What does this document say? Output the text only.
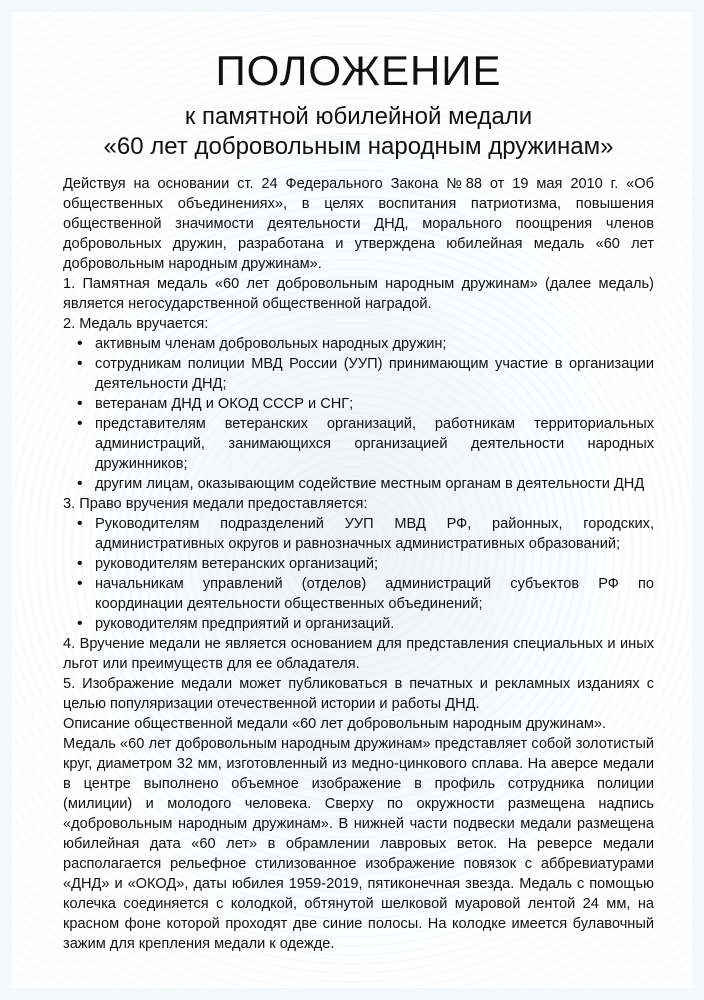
ПОЛОЖЕНИЕ

к памятной юбилейной медали

«60 лет добровольным народным дружинам»

Действуя на основании ст. 24 Федерального Закона №88 от 19 мая 2010 г. «Об общественных объединениях», в целях воспитания патриотизма, повышения общественной значимости деятельности ДНД, морального поощрения членов добровольных дружин, разработана и утверждена юбилейная медаль «60 лет добровольным народным дружинам».

1. Памятная медаль «60 лет добровольным народным дружинам» (далее медаль) является негосударственной общественной наградой.

2. Медаль вручается:

• активным членам добровольных народных дружин;
• сотрудникам полиции МВД России (УУП) принимающим участие в организации деятельности ДНД;
• ветеранам ДНД и ОКОД СССР и СНГ;
• представителям ветеранских организаций, работникам территориальных администраций, занимающихся организацией деятельности народных дружинников;
• другим лицам, оказывающим содействие местным органам в деятельности ДНД

3. Право вручения медали предоставляется:

• Руководителям подразделений УУП МВД РФ, районных, городских, административных округов и равнозначных административных образований;
• руководителям ветеранских организаций;
• начальникам управлений (отделов) администраций субъектов РФ по координации деятельности общественных объединений;
• руководителям предприятий и организаций.

4. Вручение медали не является основанием для представления специальных и иных льгот или преимуществ для ее обладателя.

5. Изображение медали может публиковаться в печатных и рекламных изданиях с целью популяризации отечественной истории и работы ДНД.

Описание общественной медали «60 лет добровольным народным дружинам».

Медаль «60 лет добровольным народным дружинам» представляет собой золотистый круг, диаметром 32 мм, изготовленный из медно-цинкового сплава. На аверсе медали в центре выполнено объемное изображение в профиль сотрудника полиции (милиции) и молодого человека. Сверху по окружности размещена надпись «добровольным народным дружинам». В нижней части подвески медали размещена юбилейная дата «60 лет» в обрамлении лавровых веток. На реверсе медали располагается рельефное стилизованное изображение повязок с аббревиатурами «ДНД» и «ОКОД», даты юбилея 1959-2019, пятиконечная звезда. Медаль с помощью колечка соединяется с колодкой, обтянутой шелковой муаровой лентой 24 мм, на красном фоне которой проходят две синие полосы. На колодке имеется булавочный зажим для крепления медали к одежде.
